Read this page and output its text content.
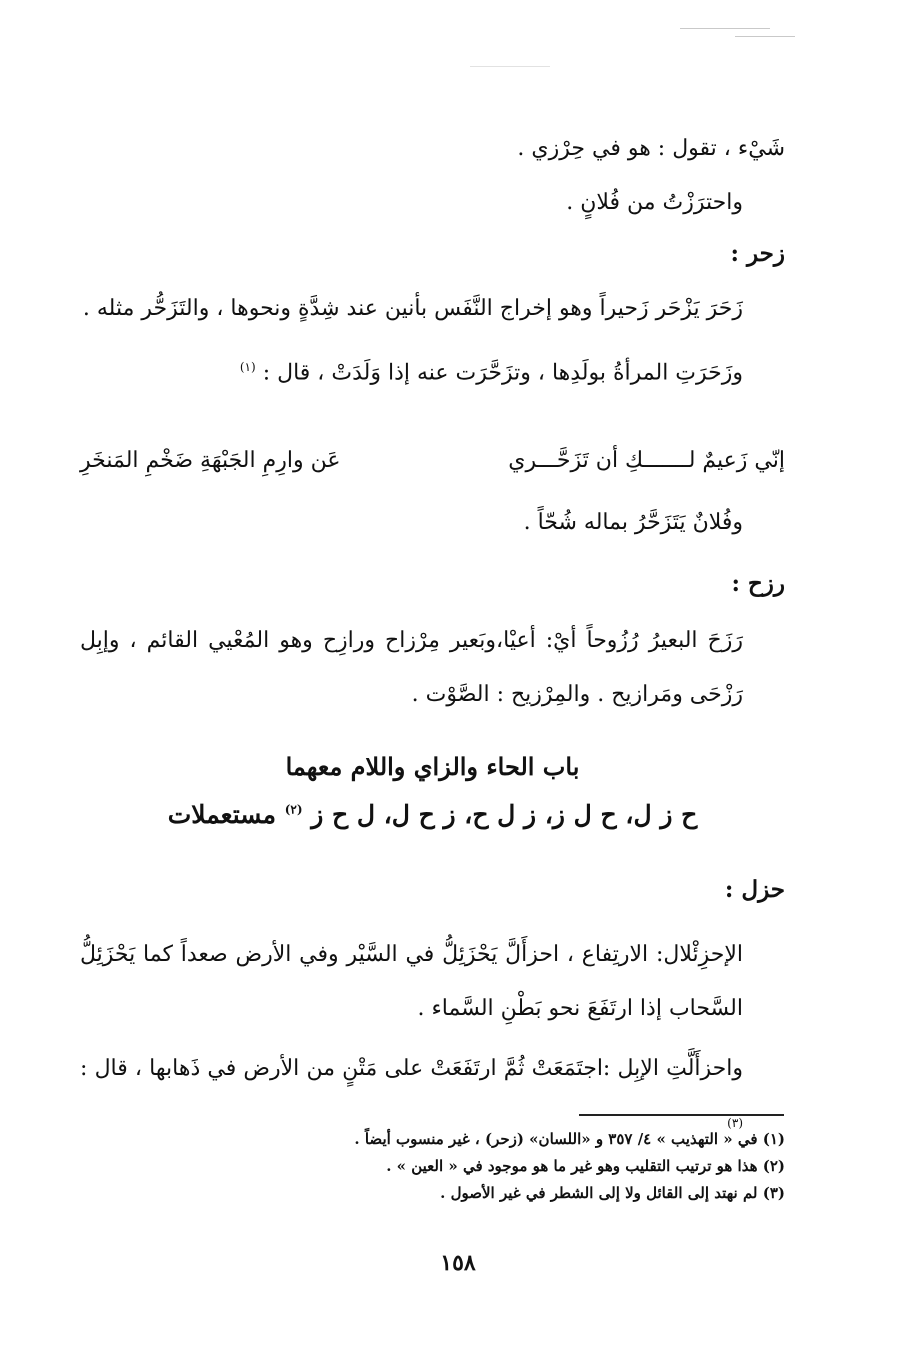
شَيْء ، تقول : هو في حِرْزي .

واحترَزْتُ من فُلانٍ .

زحر :

زَحَرَ يَزْحَر زَحيراً وهو إخراج النَّفَس بأنين عند شِدَّةٍ ونحوها ، والتَزَحُّر مثله .

وزَحَرَتِ المرأةُ بولَدِها ، وتزَحَّرَت عنه إذا وَلَدَتْ ، قال : $^{(١)}$

إنّي زَعيمٌ لـــــــكِ أن تَزَحَّـــري
عَن وارِمِ الجَبْهَةِ ضَخْمِ المَنخَرِ

وفُلانٌ يَتَزَحَّرُ بماله شُحّاً .

رزح :

رَزَحَ البعيرُ رُزُوحاً أيْ: أعيْا،وبَعير مِرْزاح ورازِح وهو المُعْيي القائم ، وإبِل رَزْحَى ومَرازيح . والمِرْزيح : الصَّوْت .

باب الحاء والزاي واللام معهما
ح ز ل، ح ل ز، ز ل ح، ز ح ل، ل ح ز $^{(٢)}$ مستعملات

حزل :

الإحزِئْلال: الارتِفاع ، احزأَلَّ يَحْزَئِلُّ في السَّيْر وفي الأرض صعداً كما يَحْزَئِلُّ السَّحاب إذا ارتَفَعَ نحو بَطْنِ السَّماء .

واحزأَلَّتِ الإبِل :اجتَمَعَتْ ثُمَّ ارتَفَعَتْ على مَتْنٍ من الأرض في ذَهابها ، قال : $^{(٣)}$

(١) في « التهذيب » ٤/ ٣٥٧ و «اللسان» (زحر) ، غير منسوب أيضاً .
(٢) هذا هو ترتيب التقليب وهو غير ما هو موجود في « العين » .
(٣) لم نهتد إلى القائل ولا إلى الشطر في غير الأصول .
١٥٨
